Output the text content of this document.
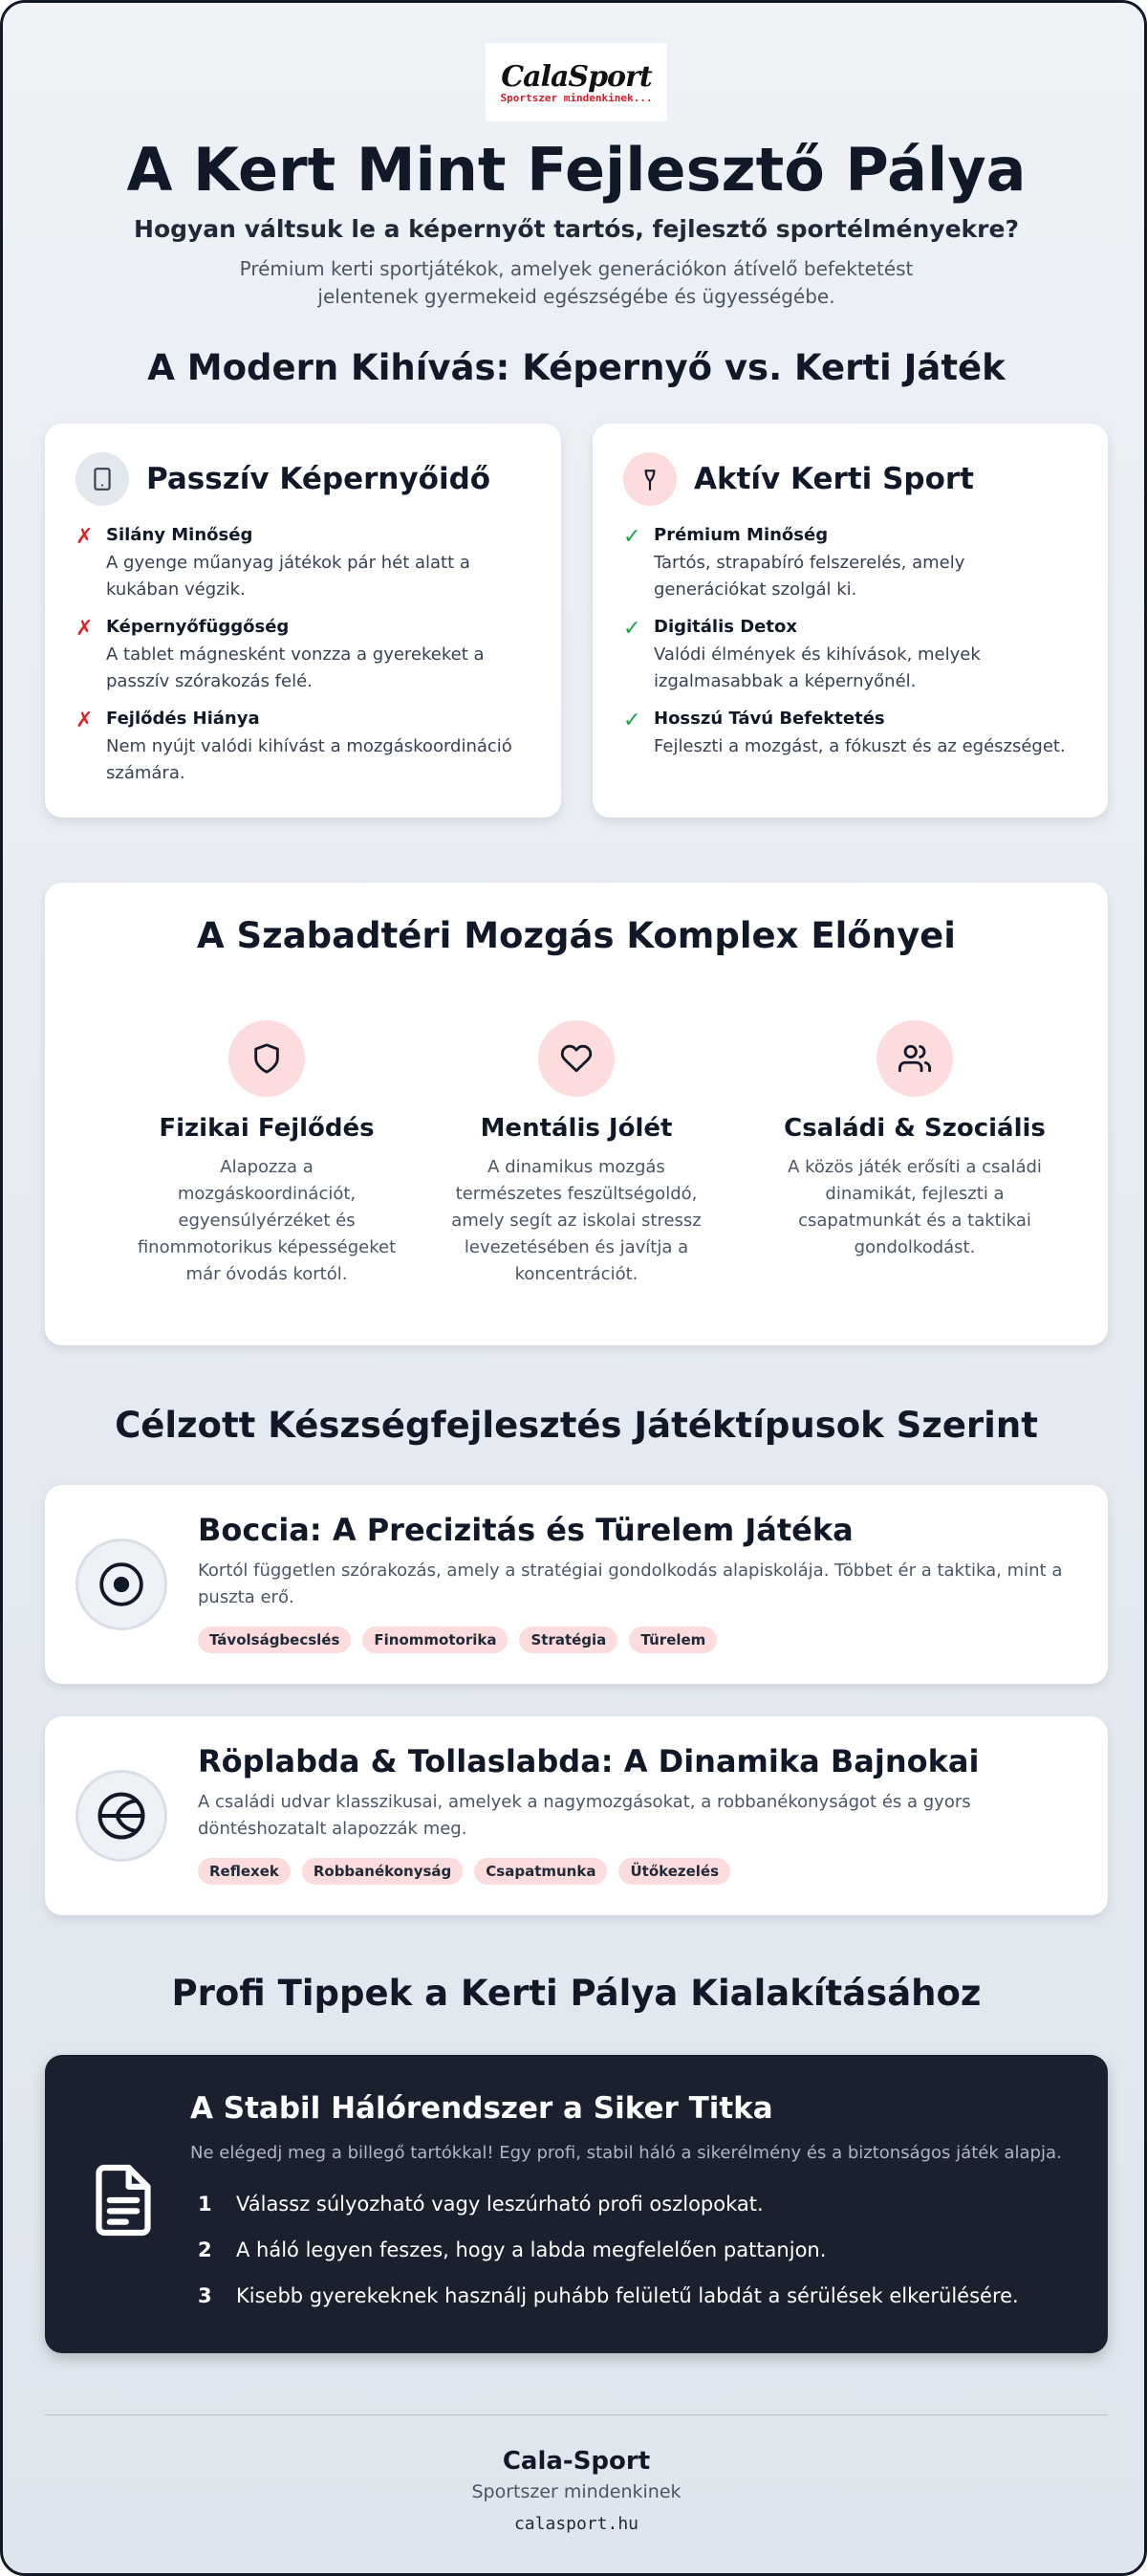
CalaSport
Sportszer mindenkinek...
A Kert Mint Fejlesztő Pálya
Hogyan váltsuk le a képernyőt tartós, fejlesztő sportélményekre?
Prémium kerti sportjátékok, amelyek generációkon átívelő befektetést jelentenek gyermekeid egészségébe és ügyességébe.
A Modern Kihívás: Képernyő vs. Kerti Játék
Passzív Képernyőidő
✗ Silány Minőség
A gyenge műanyag játékok pár hét alatt a kukában végzik.
✗ Képernyőfüggőség
A tablet mágnesként vonzza a gyerekeket a passzív szórakozás felé.
✗ Fejlődés Hiánya
Nem nyújt valódi kihívást a mozgáskoordináció számára.
Aktív Kerti Sport
✓ Prémium Minőség
Tartós, strapabíró felszerelés, amely generációkat szolgál ki.
✓ Digitális Detox
Valódi élmények és kihívások, melyek izgalmasabbak a képernyőnél.
✓ Hosszú Távú Befektetés
Fejleszti a mozgást, a fókuszt és az egészséget.
A Szabadtéri Mozgás Komplex Előnyei
Fizikai Fejlődés
Alapozza a mozgáskoordinációt, egyensúlyérzéket és finommotorikus képességeket már óvodás kortól.
Mentális Jólét
A dinamikus mozgás természetes feszültségoldó, amely segít az iskolai stressz levezetésében és javítja a koncentrációt.
Családi & Szociális
A közös játék erősíti a családi dinamikát, fejleszti a csapatmunkát és a taktikai gondolkodást.
Célzott Készségfejlesztés Játéktípusok Szerint
Boccia: A Precizitás és Türelem Játéka
Kortól független szórakozás, amely a stratégiai gondolkodás alapiskolája. Többet ér a taktika, mint a puszta erő.
Távolságbecslés	Finommotorika	Stratégia	Türelem
Röplabda & Tollaslabda: A Dinamika Bajnokai
A családi udvar klasszikusai, amelyek a nagymozgásokat, a robbanékonyságot és a gyors döntéshozatalt alapozzák meg.
Reflexek	Robbanékonyság	Csapatmunka	Ütőkezelés
Profi Tippek a Kerti Pálya Kialakításához
A Stabil Hálórendszer a Siker Titka
Ne elégedj meg a billegő tartókkal! Egy profi, stabil háló a sikerélmény és a biztonságos játék alapja.
1	Válassz súlyozható vagy leszúrható profi oszlopokat.
2	A háló legyen feszes, hogy a labda megfelelően pattanjon.
3	Kisebb gyerekeknek használj puhább felületű labdát a sérülések elkerülésére.
Cala-Sport
Sportszer mindenkinek
calasport.hu
